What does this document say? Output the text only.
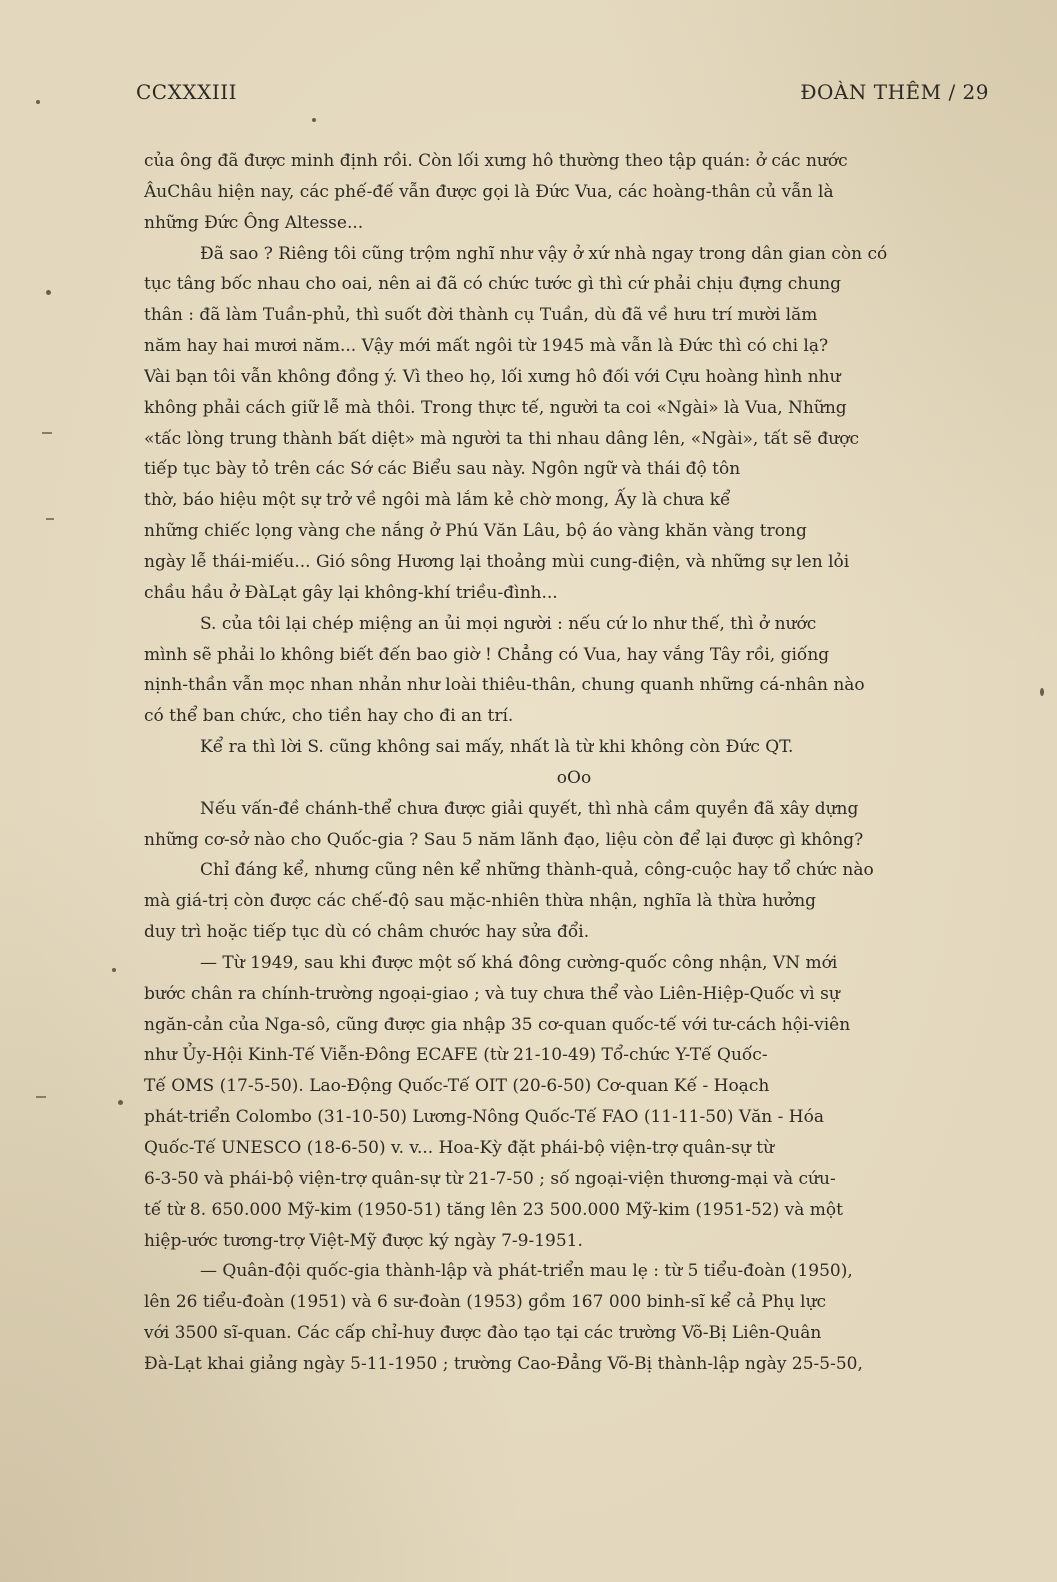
CCXXXIII	ĐOÀN THÊM / 29
của ông đã được minh định rồi. Còn lối xưng hô thường theo tập quán: ở các nước
ÂuChâu hiện nay, các phế-đế vẫn được gọi là Đức Vua, các hoàng-thân củ vẫn là
những Đức Ông Altesse...
Đã sao ? Riêng tôi cũng trộm nghĩ như vậy ở xứ nhà ngay trong dân gian còn có
tục tâng bốc nhau cho oai, nên ai đã có chức tước gì thì cứ phải chịu đựng chung
thân : đã làm Tuần-phủ, thì suốt đời thành cụ Tuần, dù đã về hưu trí mười lăm
năm hay hai mươi năm... Vậy mới mất ngôi từ 1945 mà vẫn là Đức thì có chi lạ?
Vài bạn tôi vẫn không đồng ý. Vì theo họ, lối xưng hô đối với Cựu hoàng hình như
không phải cách giữ lễ mà thôi. Trong thực tế, người ta coi «Ngài» là Vua, Những
«tấc lòng trung thành bất diệt» mà người ta thi nhau dâng lên, «Ngài», tất sẽ được
tiếp tục bày tỏ trên các Sớ các Biểu sau này. Ngôn ngữ và thái độ tôn
thờ, báo hiệu một sự trở về ngôi mà lắm kẻ chờ mong, Ấy là chưa kể
những chiếc lọng vàng che nắng ở Phú Văn Lâu, bộ áo vàng khăn vàng trong
ngày lễ thái-miếu... Gió sông Hương lại thoảng mùi cung-điện, và những sự len lỏi
chầu hầu ở ĐàLạt gây lại không-khí triều-đình...
S. của tôi lại chép miệng an ủi mọi người : nếu cứ lo như thế, thì ở nước
mình sẽ phải lo không biết đến bao giờ ! Chẳng có Vua, hay vắng Tây rồi, giống
nịnh-thần vẫn mọc nhan nhản như loài thiêu-thân, chung quanh những cá-nhân nào
có thể ban chức, cho tiền hay cho đi an trí.
Kể ra thì lời S. cũng không sai mấy, nhất là từ khi không còn Đức QT.
oOo
Nếu vấn-đề chánh-thể chưa được giải quyết, thì nhà cầm quyền đã xây dựng
những cơ-sở nào cho Quốc-gia ? Sau 5 năm lãnh đạo, liệu còn để lại được gì không?
Chỉ đáng kể, nhưng cũng nên kể những thành-quả, công-cuộc hay tổ chức nào
mà giá-trị còn được các chế-độ sau mặc-nhiên thừa nhận, nghĩa là thừa hưởng
duy trì hoặc tiếp tục dù có châm chước hay sửa đổi.
— Từ 1949, sau khi được một số khá đông cường-quốc công nhận, VN mới
bước chân ra chính-trường ngoại-giao ; và tuy chưa thể vào Liên-Hiệp-Quốc vì sự
ngăn-cản của Nga-sô, cũng được gia nhập 35 cơ-quan quốc-tế với tư-cách hội-viên
như Ủy-Hội Kinh-Tế Viễn-Đông ECAFE (từ 21-10-49) Tổ-chức Y-Tế Quốc-
Tế OMS (17-5-50). Lao-Động Quốc-Tế OIT (20-6-50) Cơ-quan Kế - Hoạch
phát-triển Colombo (31-10-50) Lương-Nông Quốc-Tế FAO (11-11-50) Văn - Hóa
Quốc-Tế UNESCO (18-6-50) v. v... Hoa-Kỳ đặt phái-bộ viện-trợ quân-sự từ
6-3-50 và phái-bộ viện-trợ quân-sự từ 21-7-50 ; số ngoại-viện thương-mại và cứu-
tế từ 8. 650.000 Mỹ-kim (1950-51) tăng lên 23 500.000 Mỹ-kim (1951-52) và một
hiệp-ước tương-trợ Việt-Mỹ được ký ngày 7-9-1951.
— Quân-đội quốc-gia thành-lập và phát-triển mau lẹ : từ 5 tiểu-đoàn (1950),
lên 26 tiểu-đoàn (1951) và 6 sư-đoàn (1953) gồm 167 000 binh-sĩ kể cả Phụ lực
với 3500 sĩ-quan. Các cấp chỉ-huy được đào tạo tại các trường Võ-Bị Liên-Quân
Đà-Lạt khai giảng ngày 5-11-1950 ; trường Cao-Đẳng Võ-Bị thành-lập ngày 25-5-50,
